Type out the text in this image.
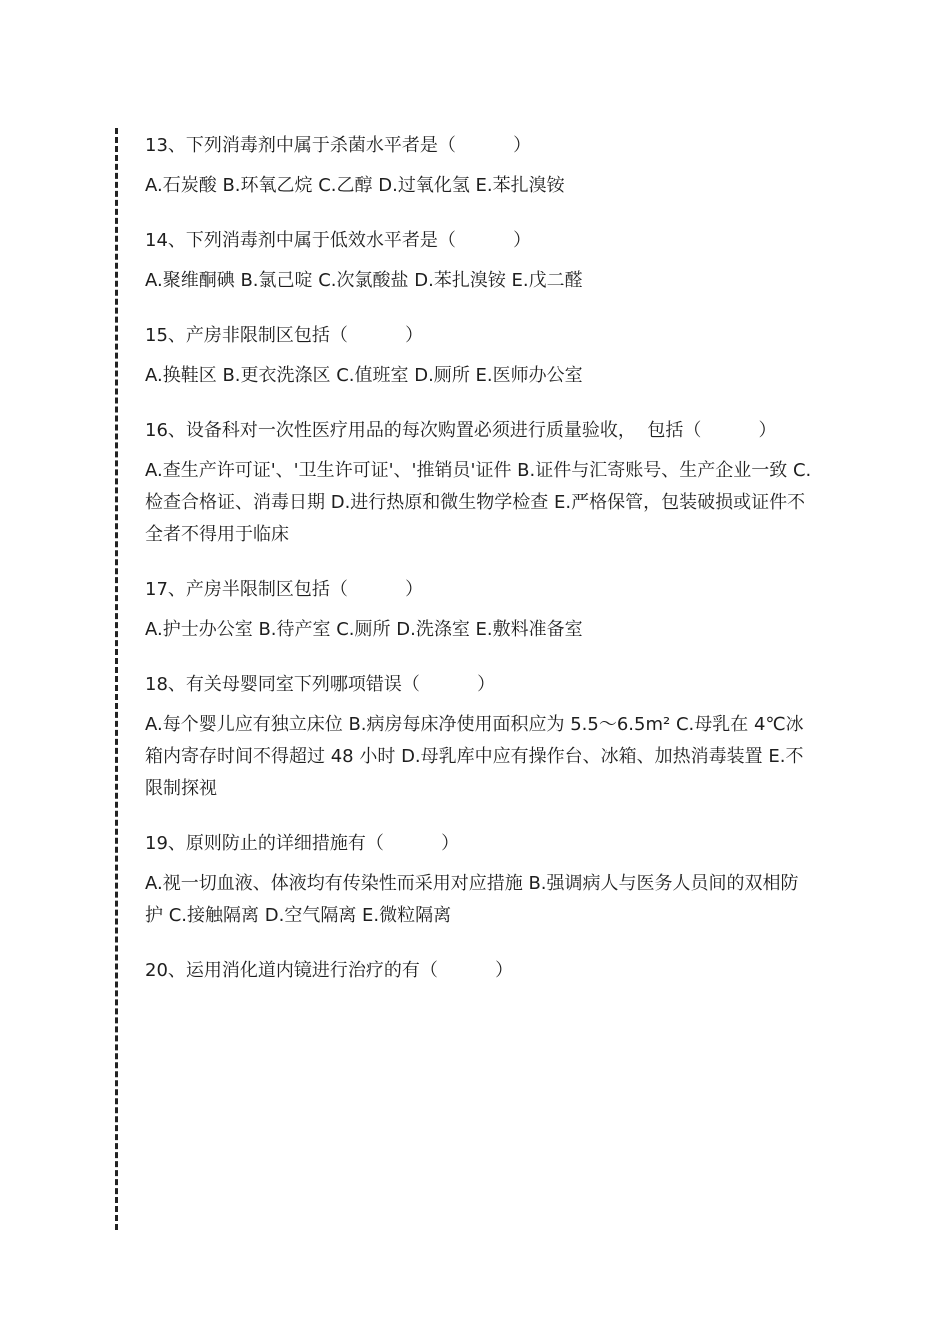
13、下列消毒剂中属于杀菌水平者是（          ）

A.石炭酸 B.环氧乙烷 C.乙醇 D.过氧化氢 E.苯扎溴铵

14、下列消毒剂中属于低效水平者是（          ）

A.聚维酮碘 B.氯己啶 C.次氯酸盐 D.苯扎溴铵 E.戊二醛

15、产房非限制区包括（          ）

A.换鞋区 B.更衣洗涤区 C.值班室 D.厕所 E.医师办公室

16、设备科对一次性医疗用品的每次购置必须进行质量验收，  包括（          ）

A.查生产许可证'、'卫生许可证'、'推销员'证件 B.证件与汇寄账号、生产企业一致 C.检查合格证、消毒日期 D.进行热原和微生物学检查 E.严格保管，包装破损或证件不全者不得用于临床

17、产房半限制区包括（          ）

A.护士办公室 B.待产室 C.厕所 D.洗涤室 E.敷料准备室

18、有关母婴同室下列哪项错误（          ）

A.每个婴儿应有独立床位 B.病房每床净使用面积应为 5.5～6.5m² C.母乳在 4℃冰箱内寄存时间不得超过 48 小时 D.母乳库中应有操作台、冰箱、加热消毒装置 E.不限制探视

19、原则防止的详细措施有（          ）

A.视一切血液、体液均有传染性而采用对应措施 B.强调病人与医务人员间的双相防护 C.接触隔离 D.空气隔离 E.微粒隔离

20、运用消化道内镜进行治疗的有（          ）
